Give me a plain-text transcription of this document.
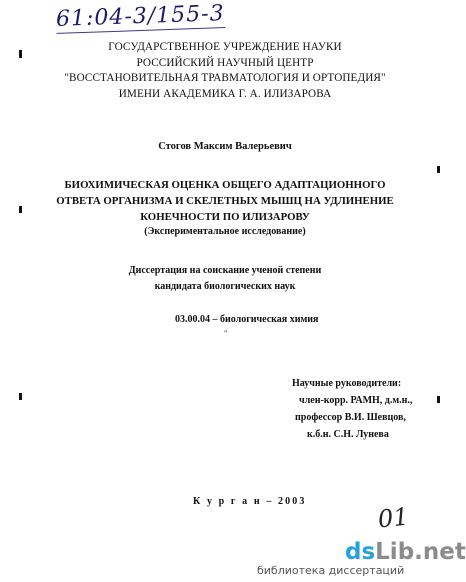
61:04-3/155-3
ГОСУДАРСТВЕННОЕ УЧРЕЖДЕНИЕ НАУКИ
РОССИЙСКИЙ НАУЧНЫЙ ЦЕНТР
"ВОССТАНОВИТЕЛЬНАЯ ТРАВМАТОЛОГИЯ И ОРТОПЕДИЯ"
ИМЕНИ АКАДЕМИКА Г. А. ИЛИЗАРОВА
Стогов Максим Валерьевич
БИОХИМИЧЕСКАЯ ОЦЕНКА ОБЩЕГО АДАПТАЦИОННОГО
ОТВЕТА ОРГАНИЗМА И СКЕЛЕТНЫХ МЫШЦ НА УДЛИНЕНИЕ
КОНЕЧНОСТИ ПО ИЛИЗАРОВУ
(Экспериментальное исследование)
Диссертация на соискание ученой степени
кандидата биологических наук
03.00.04 – биологическая химия
"
Научные руководители:
член-корр. РАМН, д.м.н.,
профессор В.И. Шевцов,
к.б.н. С.Н. Лунева
К у р г а н – 2003
01
dsLib.net
библиотека диссертаций
